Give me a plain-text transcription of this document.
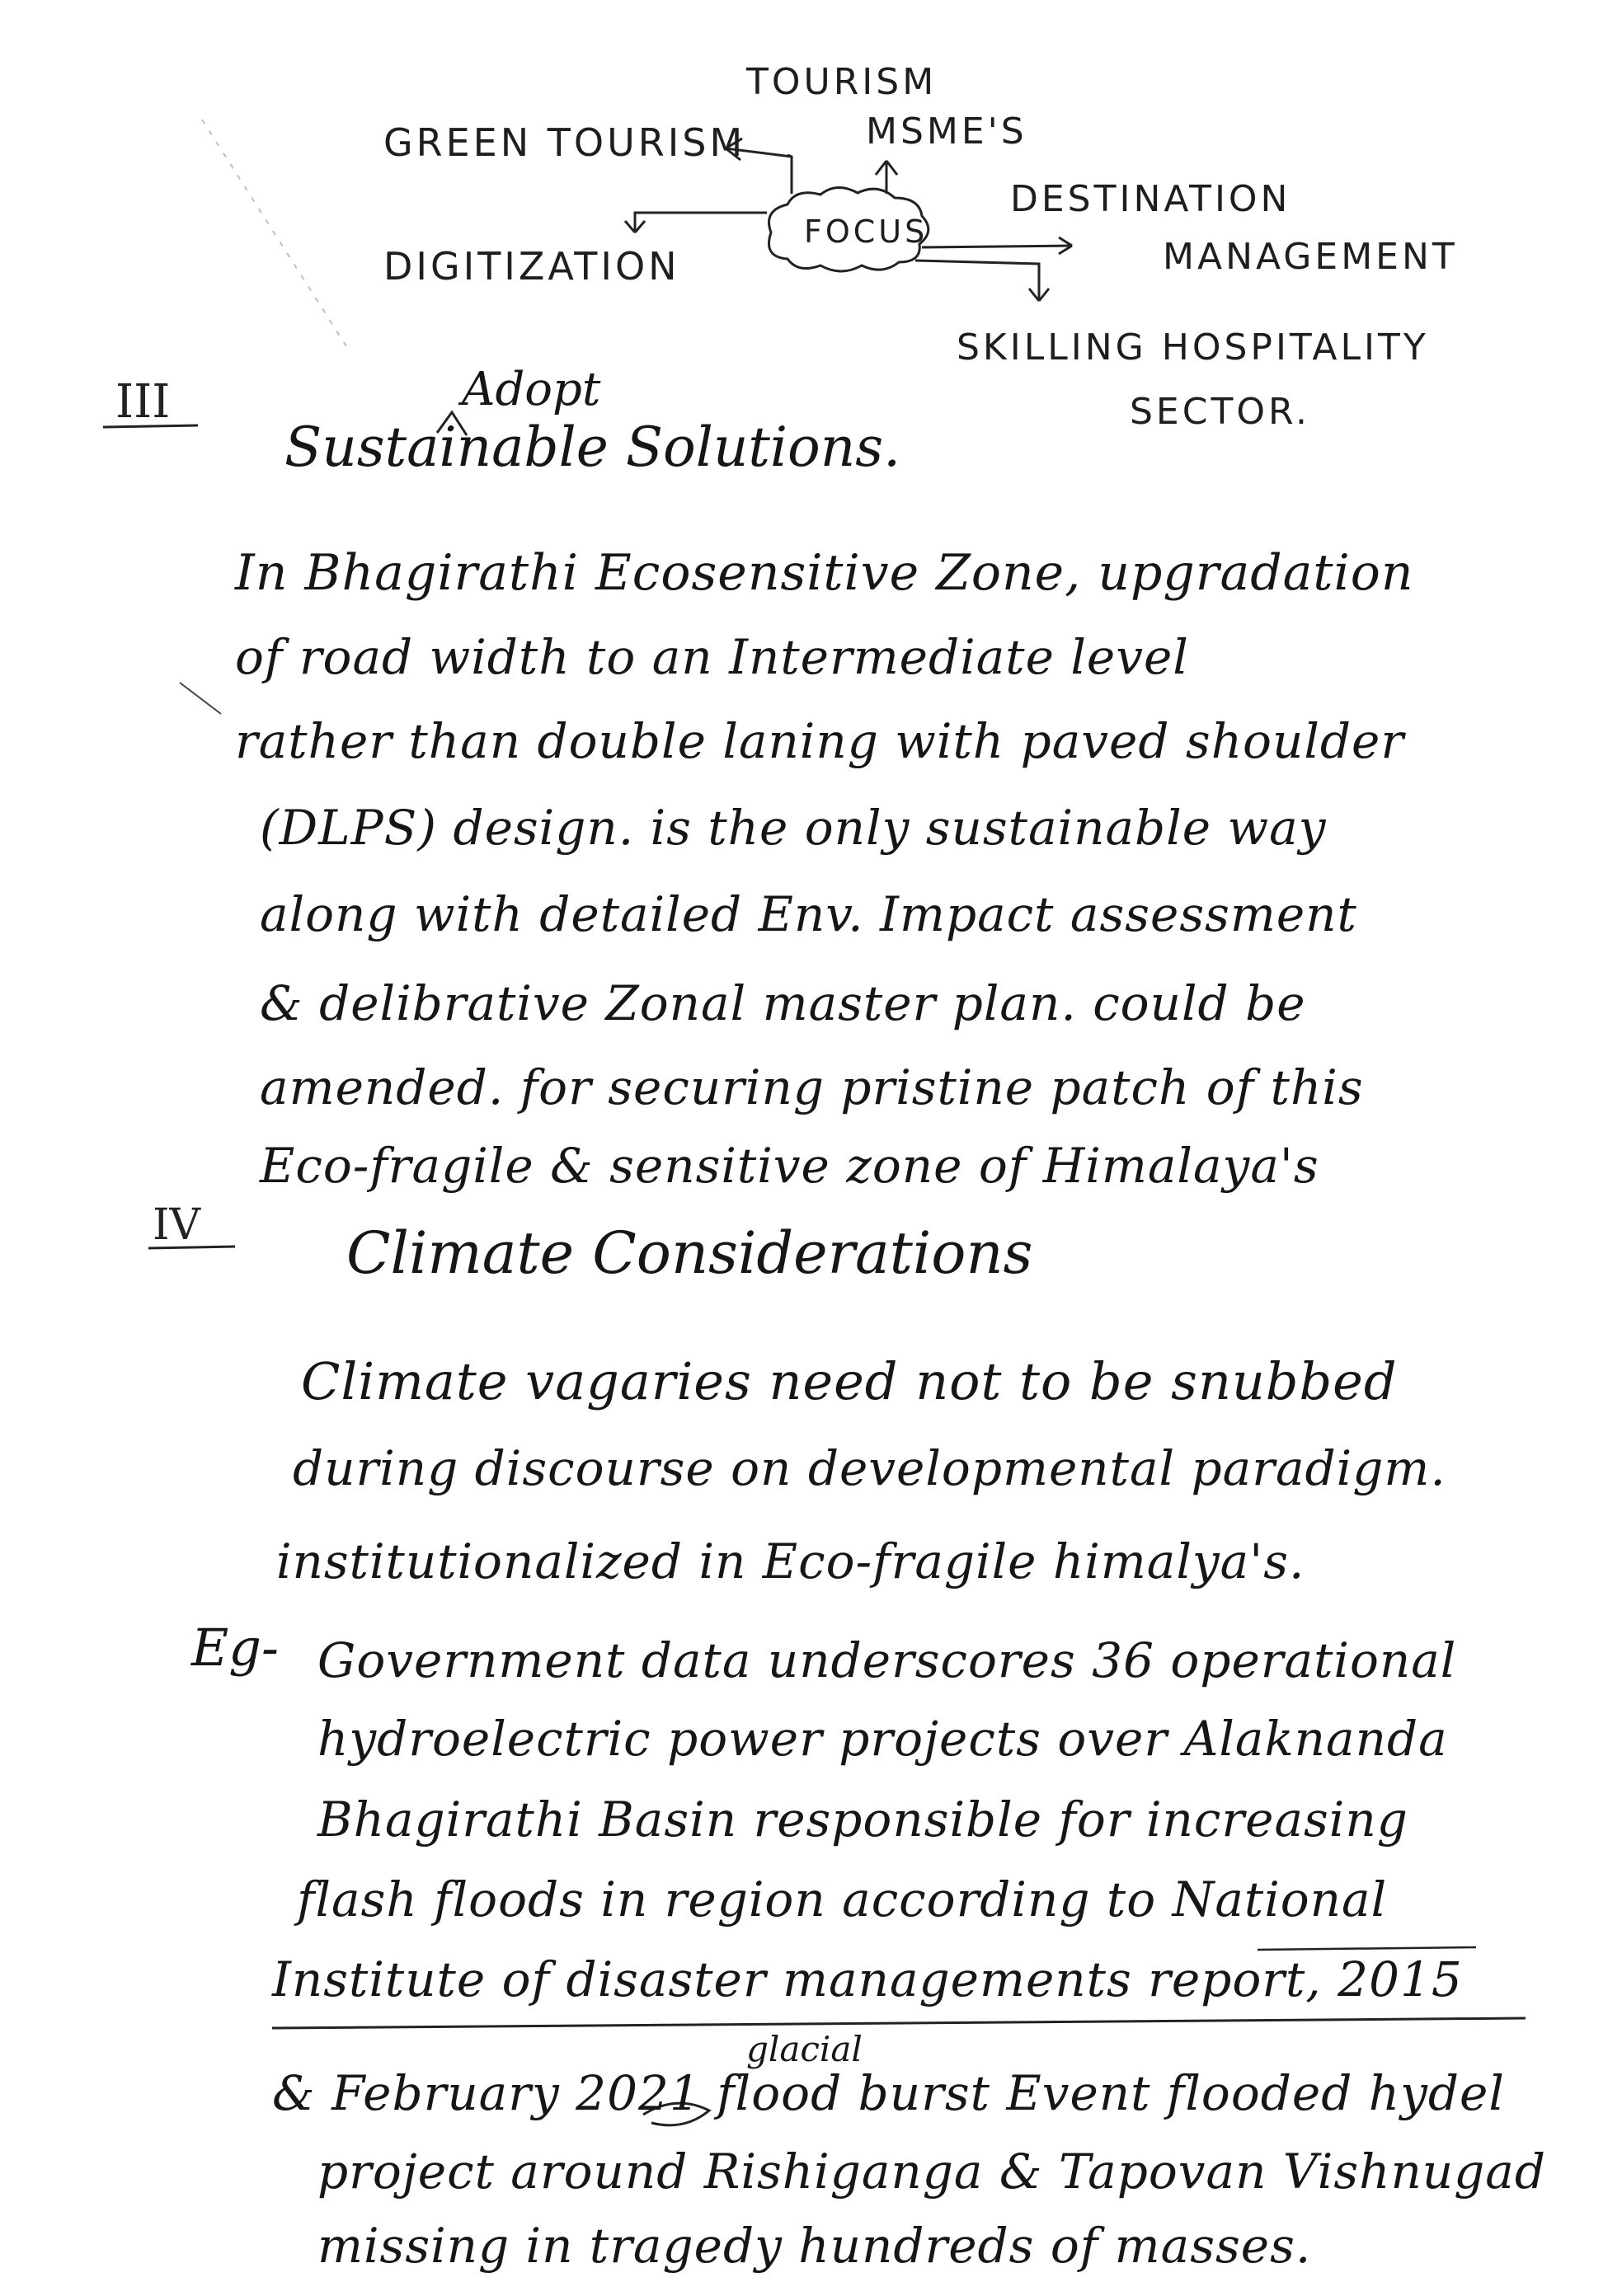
TOURISM

MSME'S

GREEN TOURISM

FOCUS

DESTINATION

MANAGEMENT

DIGITIZATION

SKILLING HOSPITALITY

SECTOR.

III	Adopt

Sustainable Solutions.

In Bhagirathi Ecosensitive Zone, upgradation

of road width to an Intermediate level

rather than double laning with paved shoulder

(DLPS) design. is the only sustainable way

along with detailed Env. Impact assessment

& delibrative Zonal master plan. could be

amended. for securing pristine patch of this

Eco-fragile & sensitive zone of Himalaya's

IV	Climate Considerations

Climate vagaries need not to be snubbed

during discourse on developmental paradigm.

institutionalized in Eco-fragile himalya's.

Eg- Government data underscores 36 operational

hydroelectric power projects over Alaknanda

Bhagirathi Basin responsible for increasing

flash floods in region according to National

Institute of disaster managements report, 2015

glacial

& February 2021 flood burst Event flooded hydel

project around Rishiganga & Tapovan Vishnugad

missing in tragedy hundreds of masses.
